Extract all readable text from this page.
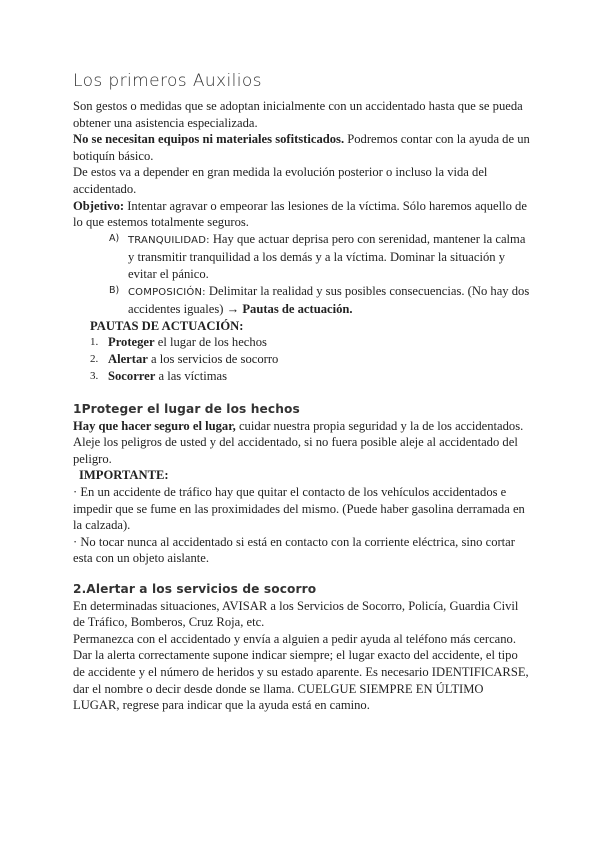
Los primeros Auxilios

Son gestos o medidas que se adoptan inicialmente con un accidentado hasta que se pueda obtener una asistencia especializada.

No se necesitan equipos ni materiales sofitsticados. Podremos contar con la ayuda de un botiquín básico.

De estos va a depender en gran medida la evolución posterior o incluso la vida del accidentado.

Objetivo: Intentar agravar o empeorar las lesiones de la víctima. Sólo haremos aquello de lo que estemos totalmente seguros.

A) TRANQUILIDAD: Hay que actuar deprisa pero con serenidad, mantener la calma y transmitir tranquilidad a los demás y a la víctima. Dominar la situación y evitar el pánico.
B) COMPOSICIÓN: Delimitar la realidad y sus posibles consecuencias. (No hay dos accidentes iguales) → Pautas de actuación.

PAUTAS DE ACTUACIÓN:

1. Proteger el lugar de los hechos
2. Alertar a los servicios de socorro
3. Socorrer a las víctimas
1Proteger el lugar de los hechos

Hay que hacer seguro el lugar, cuidar nuestra propia seguridad y la de los accidentados. Aleje los peligros de usted y del accidentado, si no fuera posible aleje al accidentado del peligro.

IMPORTANTE:

· En un accidente de tráfico hay que quitar el contacto de los vehículos accidentados e impedir que se fume en las proximidades del mismo. (Puede haber gasolina derramada en la calzada).

· No tocar nunca al accidentado si está en contacto con la corriente eléctrica, sino cortar esta con un objeto aislante.

2.Alertar a los servicios de socorro

En determinadas situaciones, AVISAR a los Servicios de Socorro, Policía, Guardia Civil de Tráfico, Bomberos, Cruz Roja, etc.

Permanezca con el accidentado y envía a alguien a pedir ayuda al teléfono más cercano. Dar la alerta correctamente supone indicar siempre; el lugar exacto del accidente, el tipo de accidente y el número de heridos y su estado aparente. Es necesario IDENTIFICARSE, dar el nombre o decir desde donde se llama. CUELGUE SIEMPRE EN ÚLTIMO LUGAR, regrese para indicar que la ayuda está en camino.
